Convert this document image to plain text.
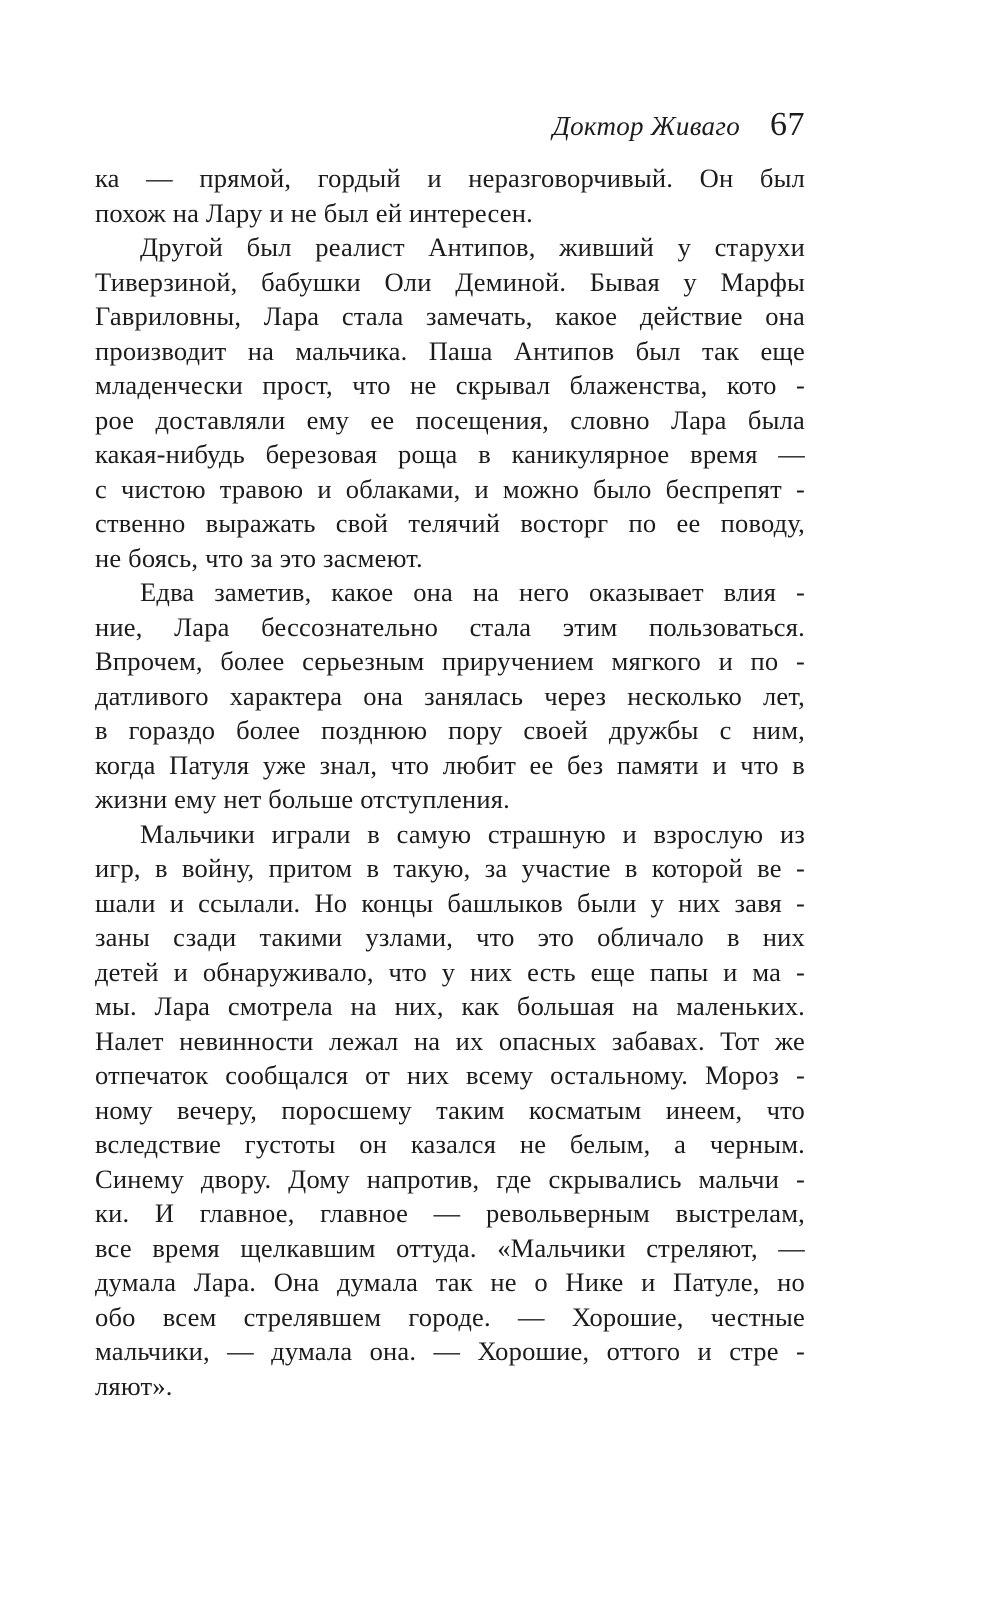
Доктор Живаго 67
ка — прямой, гордый и неразговорчивый. Он был
похож на Лару и не был ей интересен.
Другой был реалист Антипов, живший у старухи
Тиверзиной, бабушки Оли Деминой. Бывая у Марфы
Гавриловны, Лара стала замечать, какое действие она
производит на мальчика. Паша Антипов был так еще
младенчески прост, что не скрывал блаженства, кото -
рое доставляли ему ее посещения, словно Лара была
какая-нибудь березовая роща в каникулярное время —
с чистою травою и облаками, и можно было беспрепят -
ственно выражать свой телячий восторг по ее поводу,
не боясь, что за это засмеют.
Едва заметив, какое она на него оказывает влия -
ние, Лара бессознательно стала этим пользоваться.
Впрочем, более серьезным приручением мягкого и по -
датливого характера она занялась через несколько лет,
в гораздо более позднюю пору своей дружбы с ним,
когда Патуля уже знал, что любит ее без памяти и что в
жизни ему нет больше отступления.
Мальчики играли в самую страшную и взрослую из
игр, в войну, притом в такую, за участие в которой ве -
шали и ссылали. Но концы башлыков были у них завя -
заны сзади такими узлами, что это обличало в них
детей и обнаруживало, что у них есть еще папы и ма -
мы. Лара смотрела на них, как большая на маленьких.
Налет невинности лежал на их опасных забавах. Тот же
отпечаток сообщался от них всему остальному. Мороз -
ному вечеру, поросшему таким косматым инеем, что
вследствие густоты он казался не белым, а черным.
Синему двору. Дому напротив, где скрывались мальчи -
ки. И главное, главное — револьверным выстрелам,
все время щелкавшим оттуда. «Мальчики стреляют, —
думала Лара. Она думала так не о Нике и Патуле, но
обо всем стрелявшем городе. — Хорошие, честные
мальчики, — думала она. — Хорошие, оттого и стре -
ляют».
